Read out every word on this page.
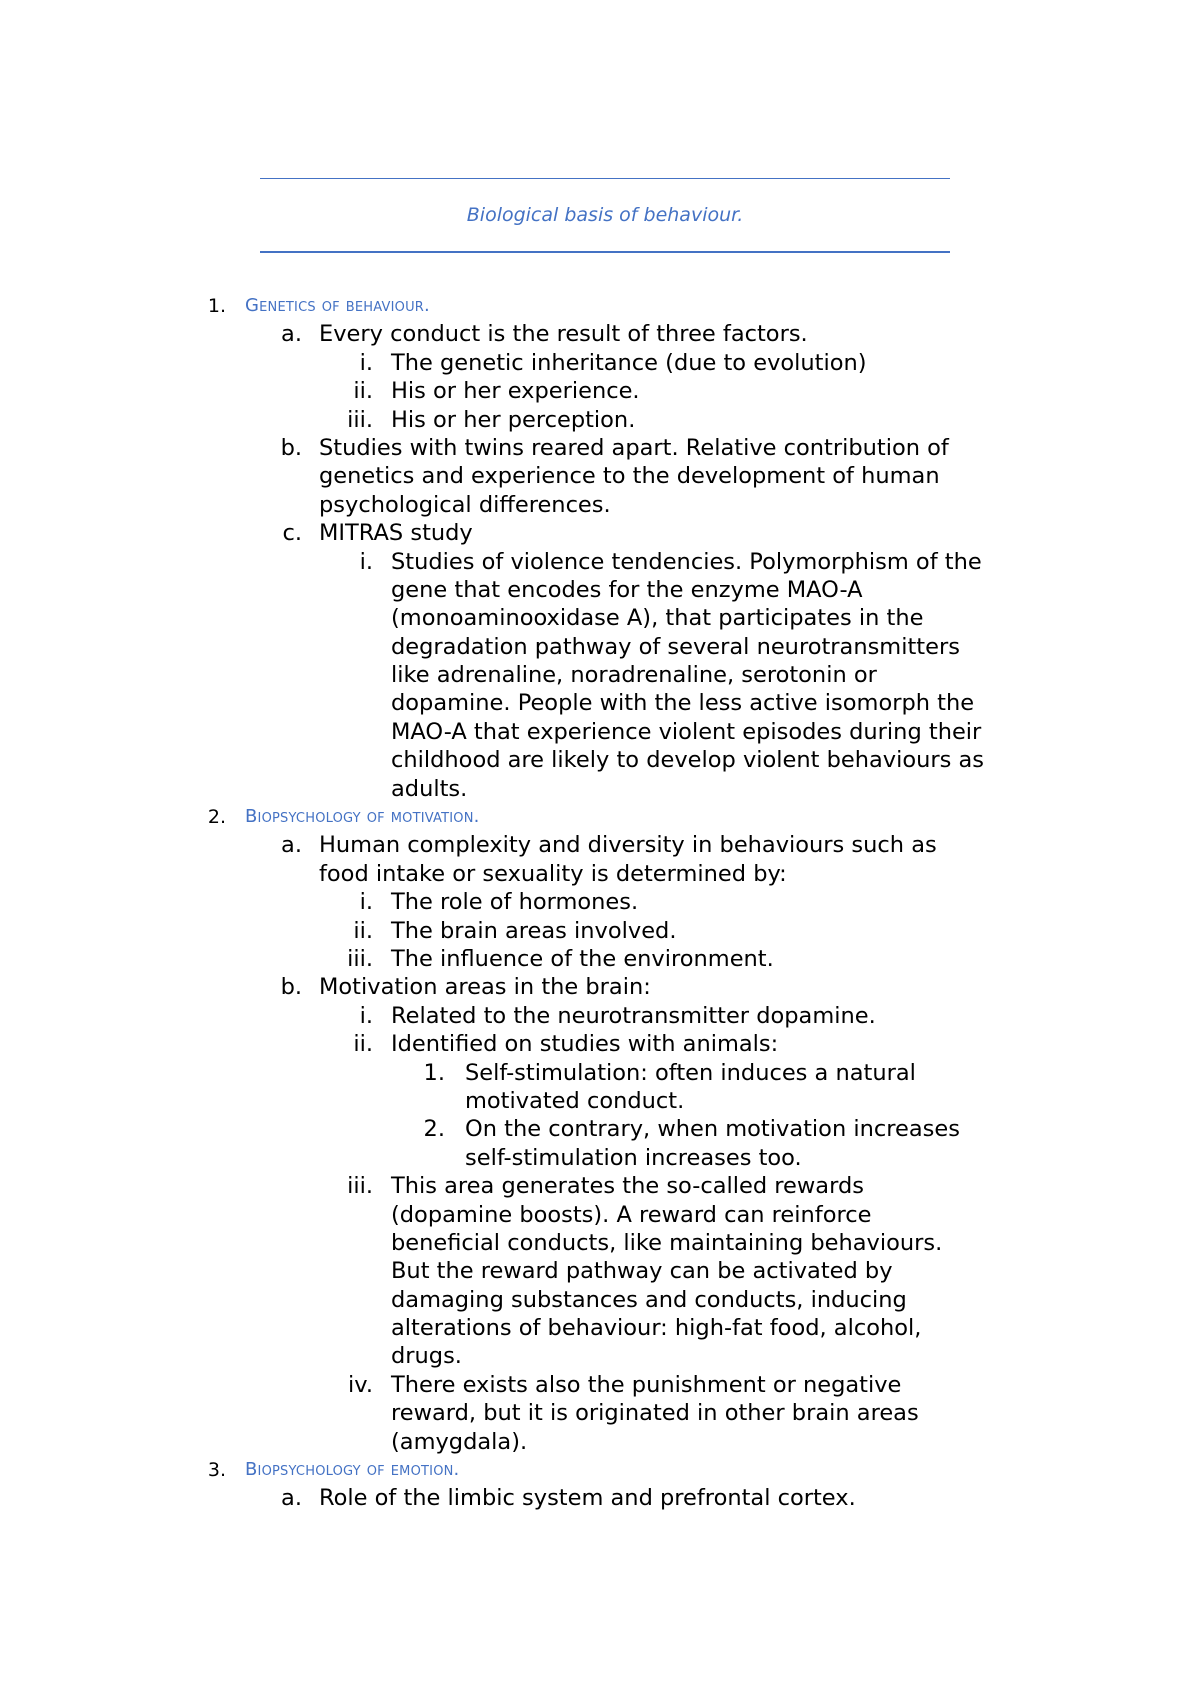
Biological basis of behaviour.
1. Genetics of behaviour.
a. Every conduct is the result of three factors.
i. The genetic inheritance (due to evolution)
ii. His or her experience.
iii. His or her perception.
b. Studies with twins reared apart. Relative contribution of
genetics and experience to the development of human
psychological differences.
c. MITRAS study
i. Studies of violence tendencies. Polymorphism of the
gene that encodes for the enzyme MAO-A
(monoaminooxidase A), that participates in the
degradation pathway of several neurotransmitters
like adrenaline, noradrenaline, serotonin or
dopamine. People with the less active isomorph the
MAO-A that experience violent episodes during their
childhood are likely to develop violent behaviours as
adults.
2. Biopsychology of motivation.
a. Human complexity and diversity in behaviours such as
food intake or sexuality is determined by:
i. The role of hormones.
ii. The brain areas involved.
iii. The influence of the environment.
b. Motivation areas in the brain:
i. Related to the neurotransmitter dopamine.
ii. Identified on studies with animals:
1. Self-stimulation: often induces a natural
motivated conduct.
2. On the contrary, when motivation increases
self-stimulation increases too.
iii. This area generates the so-called rewards
(dopamine boosts). A reward can reinforce
beneficial conducts, like maintaining behaviours.
But the reward pathway can be activated by
damaging substances and conducts, inducing
alterations of behaviour: high-fat food, alcohol,
drugs.
iv. There exists also the punishment or negative
reward, but it is originated in other brain areas
(amygdala).
3. Biopsychology of emotion.
a. Role of the limbic system and prefrontal cortex.
